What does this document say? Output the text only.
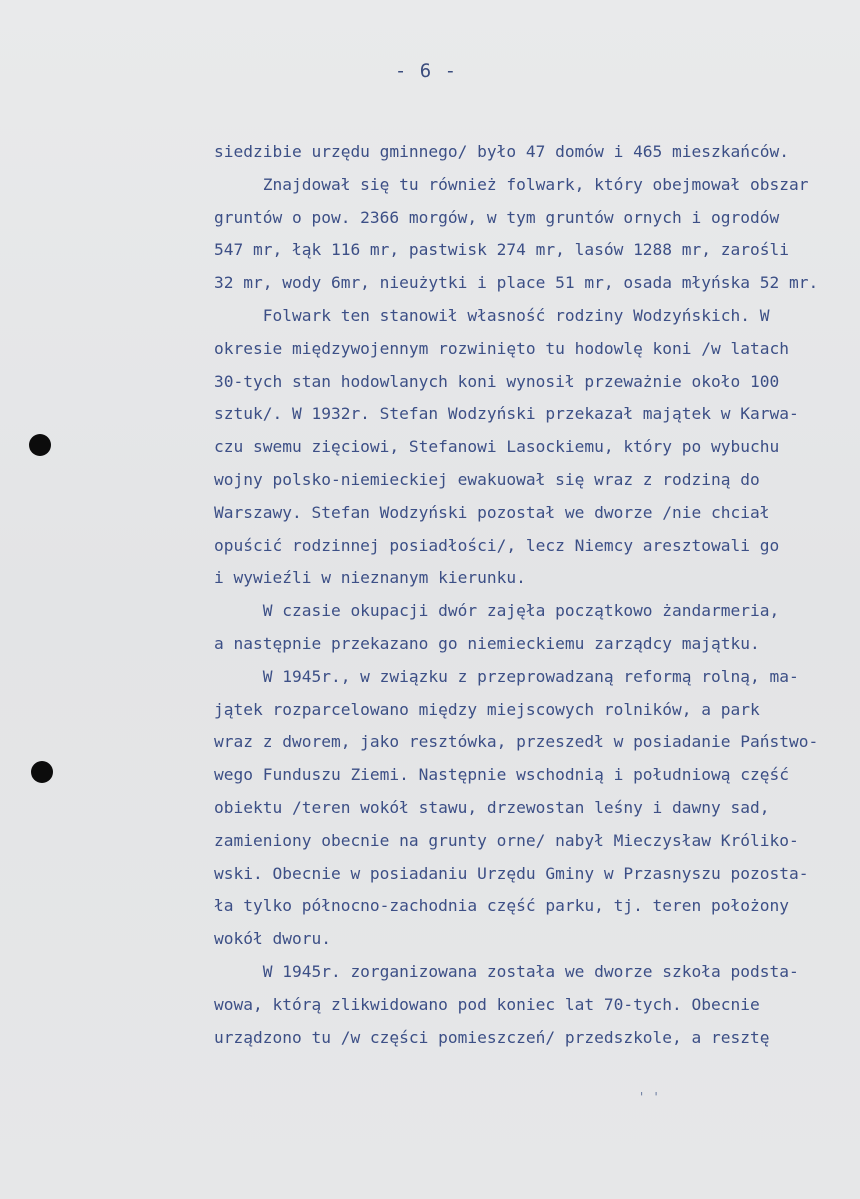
- 6 -
siedzibie urzędu gminnego/ było 47 domów i 465 mieszkańców.
Znajdował się tu również folwark, który obejmował obszar
gruntów o pow. 2366 morgów, w tym gruntów ornych i ogrodów
547 mr, łąk 116 mr, pastwisk 274 mr, lasów 1288 mr, zarośli
32 mr, wody 6mr, nieużytki i place 51 mr, osada młyńska 52 mr.
Folwark ten stanowił własność rodziny Wodzyńskich. W
okresie międzywojennym rozwinięto tu hodowlę koni /w latach
30-tych stan hodowlanych koni wynosił przeważnie około 100
sztuk/. W 1932r. Stefan Wodzyński przekazał majątek w Karwa-
czu swemu zięciowi, Stefanowi Lasockiemu, który po wybuchu
wojny polsko-niemieckiej ewakuował się wraz z rodziną do
Warszawy. Stefan Wodzyński pozostał we dworze /nie chciał
opuścić rodzinnej posiadłości/, lecz Niemcy aresztowali go
i wywieźli w nieznanym kierunku.
W czasie okupacji dwór zajęła początkowo żandarmeria,
a następnie przekazano go niemieckiemu zarządcy majątku.
W 1945r., w związku z przeprowadzaną reformą rolną, ma-
jątek rozparcelowano między miejscowych rolników, a park
wraz z dworem, jako resztówka, przeszedł w posiadanie Państwo-
wego Funduszu Ziemi. Następnie wschodnią i południową część
obiektu /teren wokół stawu, drzewostan leśny i dawny sad,
zamieniony obecnie na grunty orne/ nabył Mieczysław Króliko-
wski. Obecnie w posiadaniu Urzędu Gminy w Przasnyszu pozosta-
ła tylko północno-zachodnia część parku, tj. teren położony
wokół dworu.
W 1945r. zorganizowana została we dworze szkoła podsta-
wowa, którą zlikwidowano pod koniec lat 70-tych. Obecnie
urządzono tu /w części pomieszczeń/ przedszkole, a resztę
' '
